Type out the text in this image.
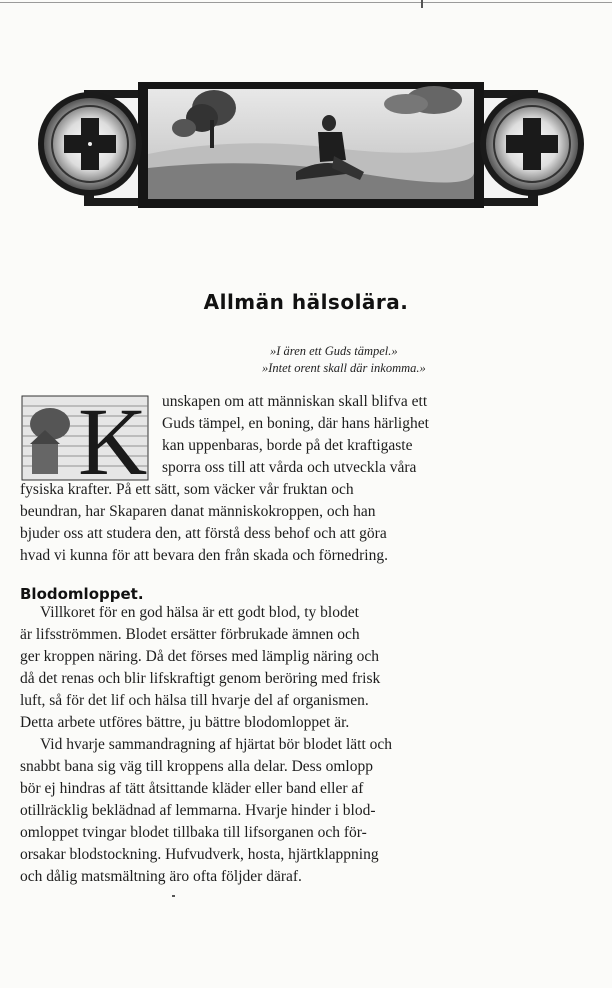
Allmän hälsolära.
»I ären ett Guds tämpel.»
»Intet orent skall där inkomma.»
K unskapen om att människan skall blifva ett
Guds tämpel, en boning, där hans härlighet
kan uppenbaras, borde på det kraftigaste
sporra oss till att vårda och utveckla våra
fysiska krafter. På ett sätt, som väcker vår fruktan och
beundran, har Skaparen danat människokroppen, och han
bjuder oss att studera den, att förstå dess behof och att göra
hvad vi kunna för att bevara den från skada och förnedring.
Blodomloppet.
Villkoret för en god hälsa är ett godt blod, ty blodet
är lifsströmmen. Blodet ersätter förbrukade ämnen och
ger kroppen näring. Då det förses med lämplig näring och
då det renas och blir lifskraftigt genom beröring med frisk
luft, så för det lif och hälsa till hvarje del af organismen.
Detta arbete utföres bättre, ju bättre blodomloppet är.
Vid hvarje sammandragning af hjärtat bör blodet lätt och
snabbt bana sig väg till kroppens alla delar. Dess omlopp
bör ej hindras af tätt åtsittande kläder eller band eller af
otillräcklig beklädnad af lemmarna. Hvarje hinder i blod-
omloppet tvingar blodet tillbaka till lifsorganen och för-
orsakar blodstockning. Hufvudverk, hosta, hjärtklappning
och dålig matsmältning äro ofta följder däraf.
